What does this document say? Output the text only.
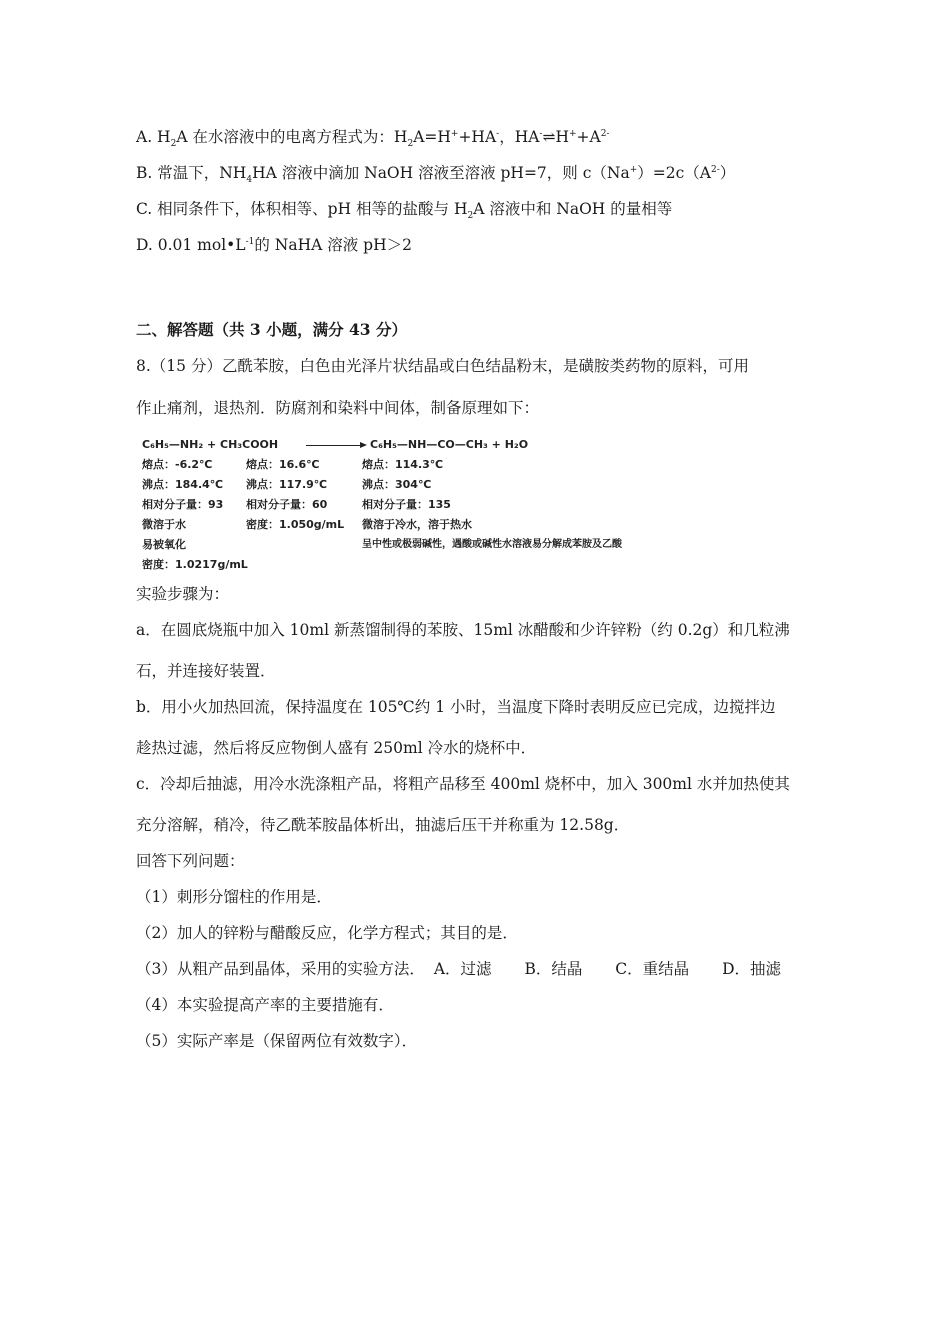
A. $H_2A$ 在水溶液中的电离方程式为：$H_2A=H^++HA^-$，$HA^-\rightleftharpoons H^++A^{2-}$
B. 常温下，$NH_4HA$ 溶液中滴加 NaOH 溶液至溶液 pH=7，则 $c(Na^+)=2c(A^{2-})$
C. 相同条件下，体积相等、pH 相等的盐酸与 $H_2A$ 溶液中和 NaOH 的量相等
D. 0.01 $mol•L^{-1}$的 NaHA 溶液 pH＞2
二、解答题（共 3 小题，满分 43 分）
8.（15 分）乙酰苯胺，白色由光泽片状结晶或白色结晶粉末，是磺胺类药物的原料，可用
作止痛剂，退热剂．防腐剂和染料中间体，制备原理如下：
C₆H₅—NH₂ + CH₃COOH	C₆H₅—NH—CO—CH₃ + H₂O
熔点：-6.2℃
沸点：184.4℃
相对分子量：93
微溶于水
易被氧化
密度：1.0217g/mL
熔点：16.6℃
沸点：117.9℃
相对分子量：60
密度：1.050g/mL
熔点：114.3℃
沸点：304℃
相对分子量：135
微溶于冷水，溶于热水
呈中性或极弱碱性，遇酸或碱性水溶液易分解成苯胺及乙酸
实验步骤为：
a．在圆底烧瓶中加入 10ml 新蒸馏制得的苯胺、15ml 冰醋酸和少许锌粉（约 0.2g）和几粒沸
石，并连接好装置．
b．用小火加热回流，保持温度在 105℃约 1 小时，当温度下降时表明反应已完成，边搅拌边
趁热过滤，然后将反应物倒人盛有 250ml 冷水的烧杯中．
c．冷却后抽滤，用冷水洗涤粗产品，将粗产品移至 400ml 烧杯中，加入 300ml 水并加热使其
充分溶解，稍冷，待乙酰苯胺晶体析出，抽滤后压干并称重为 12.58g．
回答下列问题：
（1）刺形分馏柱的作用是．
（2）加人的锌粉与醋酸反应，化学方程式；其目的是．
（3）从粗产品到晶体，采用的实验方法． A．过滤 B．结晶 C．重结晶 D．抽滤
（4）本实验提高产率的主要措施有．
（5）实际产率是（保留两位有效数字）．
